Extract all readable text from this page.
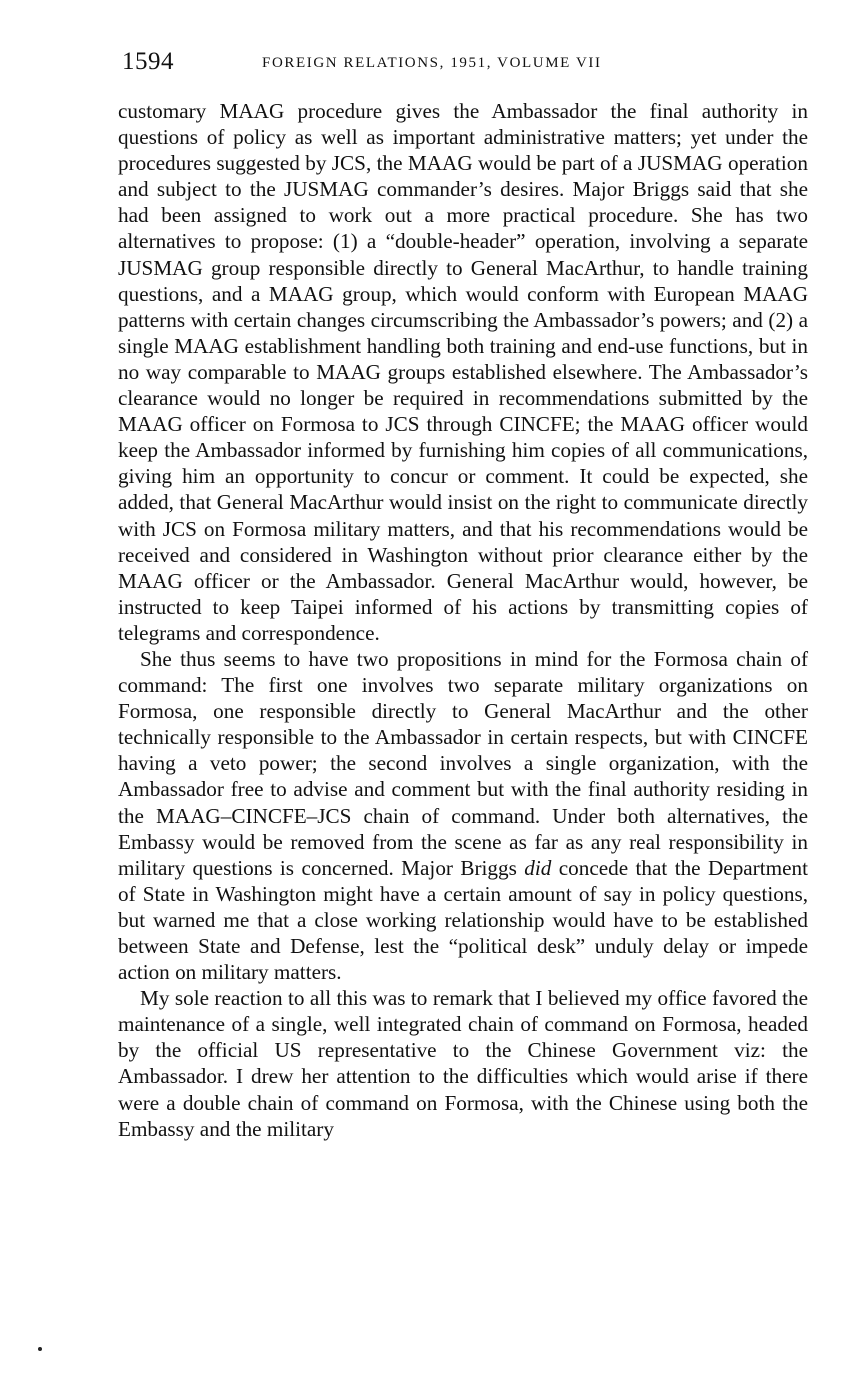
1594	FOREIGN RELATIONS, 1951, VOLUME VII

customary MAAG procedure gives the Ambassador the final authority in questions of policy as well as important administrative matters; yet under the procedures suggested by JCS, the MAAG would be part of a JUSMAG operation and subject to the JUSMAG commander’s desires. Major Briggs said that she had been assigned to work out a more practical procedure. She has two alternatives to propose: (1) a “double-header” operation, involving a separate JUSMAG group responsible directly to General MacArthur, to handle training questions, and a MAAG group, which would conform with European MAAG patterns with certain changes circumscribing the Ambassador’s powers; and (2) a single MAAG establishment handling both training and end-use functions, but in no way comparable to MAAG groups established elsewhere. The Ambassador’s clearance would no longer be required in recommendations submitted by the MAAG officer on Formosa to JCS through CINCFE; the MAAG officer would keep the Ambassador informed by furnishing him copies of all communications, giving him an opportunity to concur or comment. It could be expected, she added, that General MacArthur would insist on the right to communicate directly with JCS on Formosa military matters, and that his recommendations would be received and considered in Washington without prior clearance either by the MAAG officer or the Ambassador. General MacArthur would, however, be instructed to keep Taipei informed of his actions by transmitting copies of telegrams and correspondence.

She thus seems to have two propositions in mind for the Formosa chain of command: The first one involves two separate military organizations on Formosa, one responsible directly to General MacArthur and the other technically responsible to the Ambassador in certain respects, but with CINCFE having a veto power; the second involves a single organization, with the Ambassador free to advise and comment but with the final authority residing in the MAAG–CINCFE–JCS chain of command. Under both alternatives, the Embassy would be removed from the scene as far as any real responsibility in military questions is concerned. Major Briggs did concede that the Department of State in Washington might have a certain amount of say in policy questions, but warned me that a close working relationship would have to be established between State and Defense, lest the “political desk” unduly delay or impede action on military matters.

My sole reaction to all this was to remark that I believed my office favored the maintenance of a single, well integrated chain of command on Formosa, headed by the official US representative to the Chinese Government viz: the Ambassador. I drew her attention to the difficulties which would arise if there were a double chain of command on Formosa, with the Chinese using both the Embassy and the military
